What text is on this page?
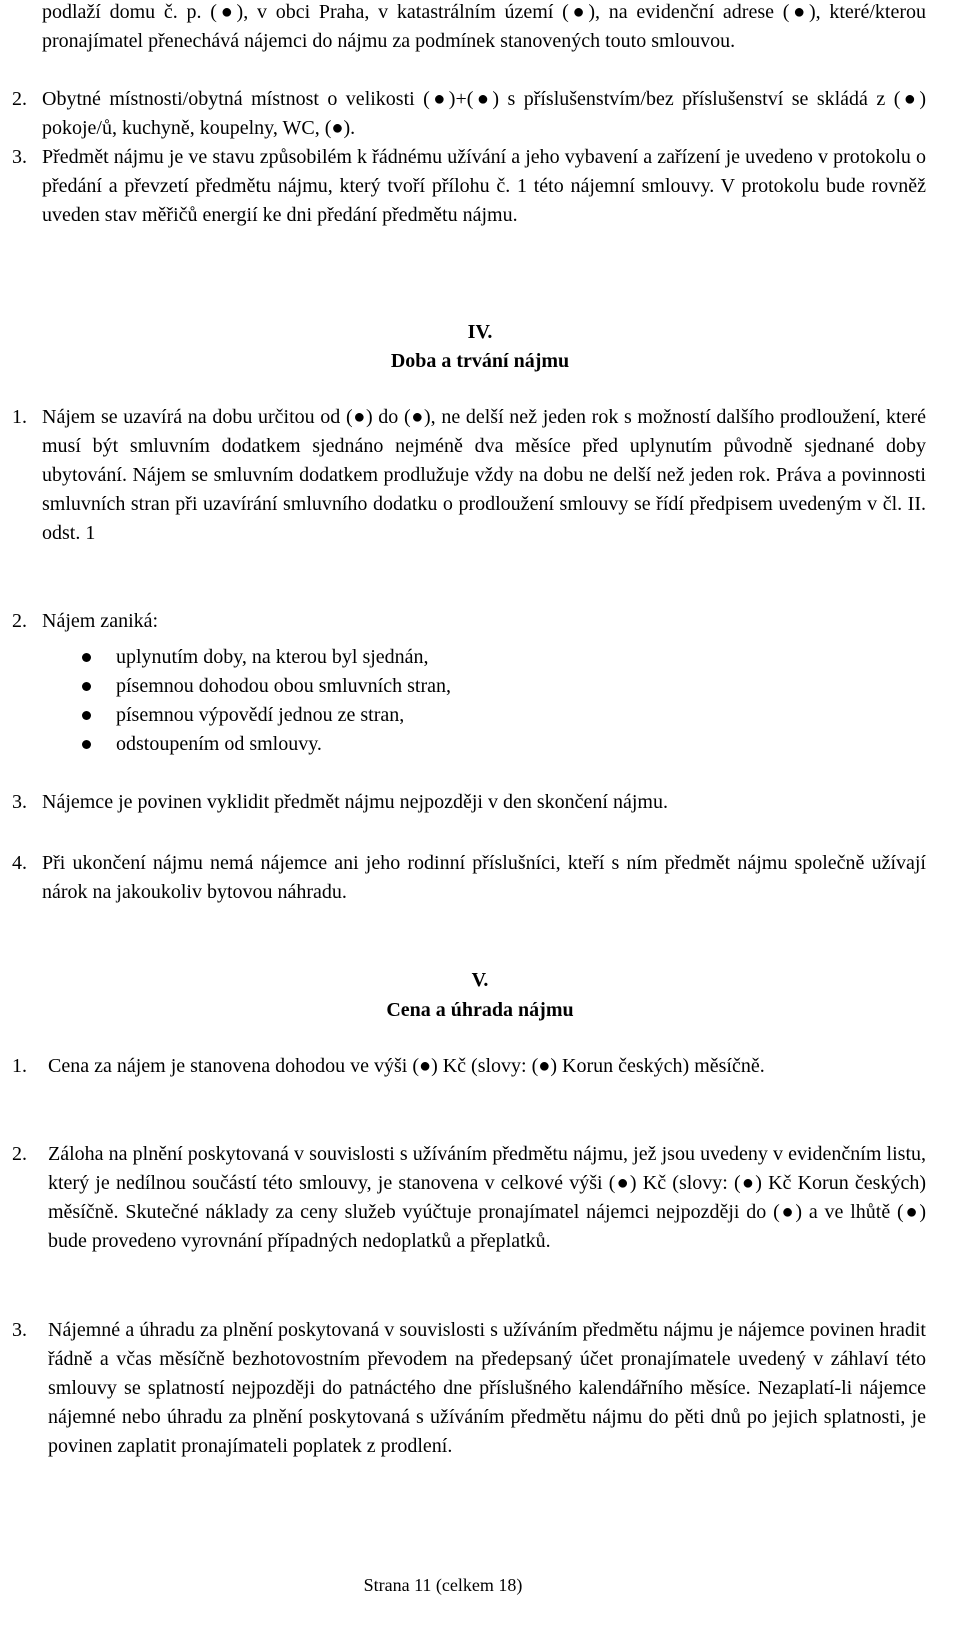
podlaží domu č. p. (●), v obci Praha, v katastrálním území (●), na evidenční adrese (●), které/kterou pronajímatel přenechává nájemci do nájmu za podmínek stanovených touto smlouvou.

2. Obytné místnosti/obytná místnost o velikosti (●)+(●) s příslušenstvím/bez příslušenství se skládá z (●) pokoje/ů, kuchyně, koupelny, WC, (●).

3. Předmět nájmu je ve stavu způsobilém k řádnému užívání a jeho vybavení a zařízení je uvedeno v protokolu o předání a převzetí předmětu nájmu, který tvoří přílohu č. 1 této nájemní smlouvy. V protokolu bude rovněž uveden stav měřičů energií ke dni předání předmětu nájmu.

IV.

Doba a trvání nájmu

1. Nájem se uzavírá na dobu určitou od (●) do (●), ne delší než jeden rok s možností dalšího prodloužení, které musí být smluvním dodatkem sjednáno nejméně dva měsíce před uplynutím původně sjednané doby ubytování. Nájem se smluvním dodatkem prodlužuje vždy na dobu ne delší než jeden rok. Práva a povinnosti smluvních stran při uzavírání smluvního dodatku o prodloužení smlouvy se řídí předpisem uvedeným v čl. II. odst. 1

2. Nájem zaniká:

uplynutím doby, na kterou byl sjednán,
písemnou dohodou obou smluvních stran,
písemnou výpovědí jednou ze stran,
odstoupením od smlouvy.

3. Nájemce je povinen vyklidit předmět nájmu nejpozději v den skončení nájmu.

4. Při ukončení nájmu nemá nájemce ani jeho rodinní příslušníci, kteří s ním předmět nájmu společně užívají nárok na jakoukoliv bytovou náhradu.

V.

Cena a úhrada nájmu

1.	Cena za nájem je stanovena dohodou ve výši (●) Kč (slovy: (●) Korun českých) měsíčně.

2.	Záloha na plnění poskytovaná v souvislosti s užíváním předmětu nájmu, jež jsou uvedeny v evidenčním listu, který je nedílnou součástí této smlouvy, je stanovena v celkové výši (●) Kč (slovy: (●) Kč Korun českých) měsíčně. Skutečné náklady za ceny služeb vyúčtuje pronajímatel nájemci nejpozději do (●) a ve lhůtě (●) bude provedeno vyrovnání případných nedoplatků a přeplatků.

3.	Nájemné a úhradu za plnění poskytovaná v souvislosti s užíváním předmětu nájmu je nájemce povinen hradit řádně a včas měsíčně bezhotovostním převodem na předepsaný účet pronajímatele uvedený v záhlaví této smlouvy se splatností nejpozději do patnáctého dne příslušného kalendářního měsíce. Nezaplatí-li nájemce nájemné nebo úhradu za plnění poskytovaná s užíváním předmětu nájmu do pěti dnů po jejich splatnosti, je povinen zaplatit pronajímateli poplatek z prodlení.

Strana 11 (celkem 18)
